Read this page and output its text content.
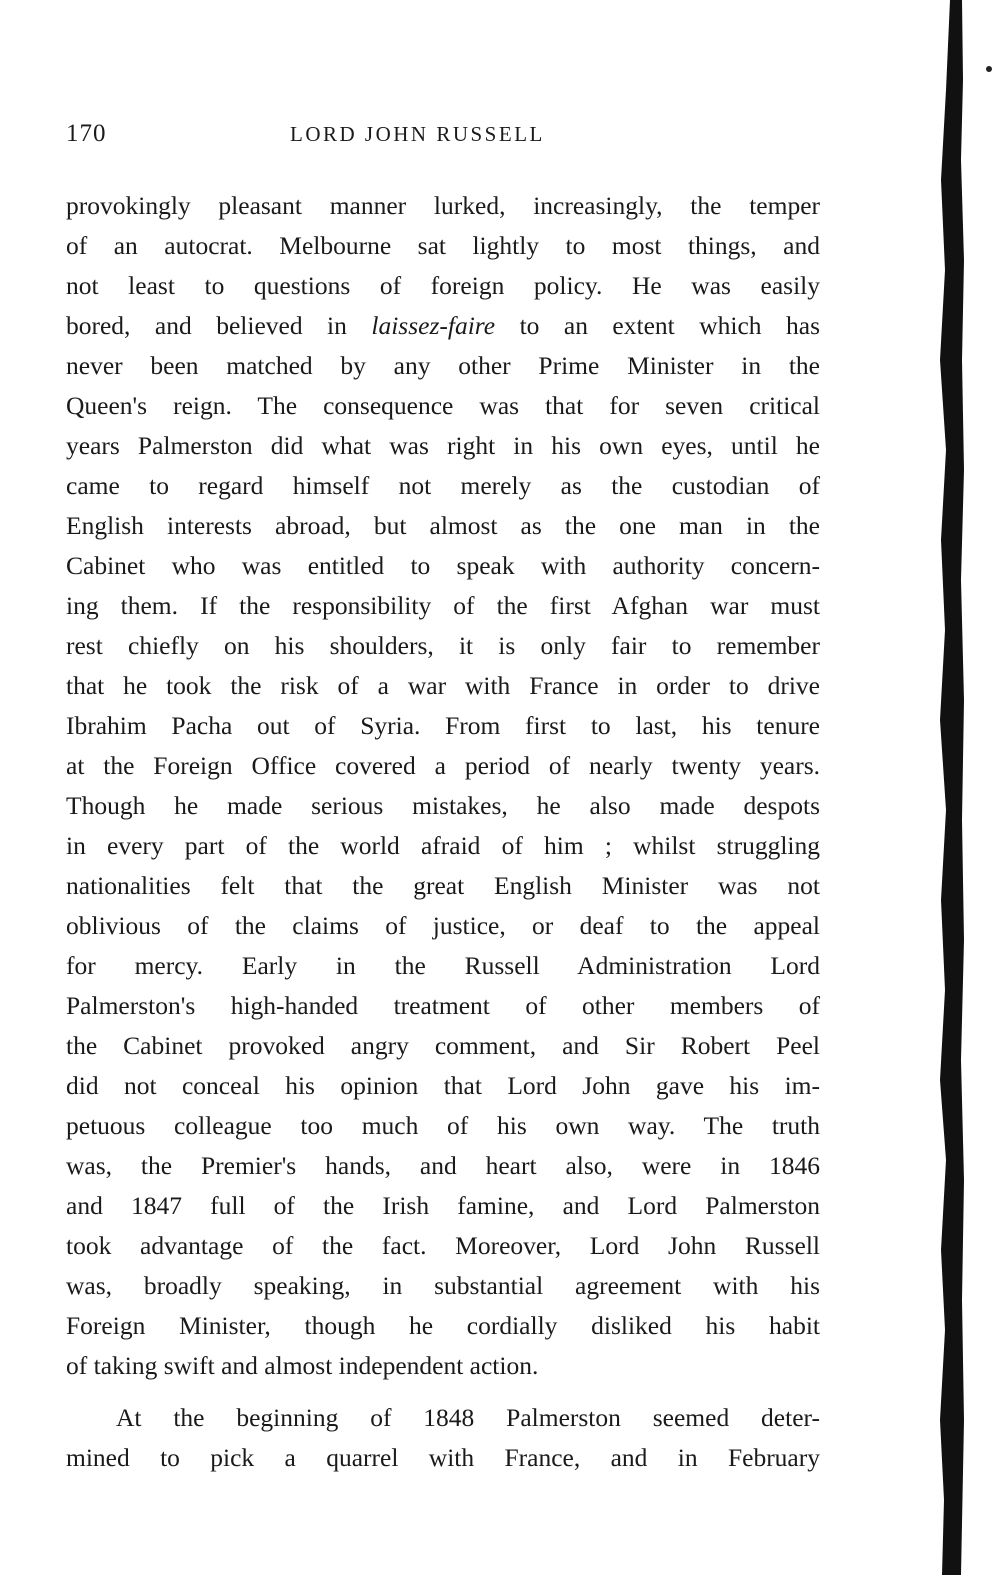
170	LORD JOHN RUSSELL
provokingly pleasant manner lurked, increasingly, the temper
of an autocrat. Melbourne sat lightly to most things, and
not least to questions of foreign policy. He was easily
bored, and believed in laissez-faire to an extent which has
never been matched by any other Prime Minister in the
Queen's reign. The consequence was that for seven critical
years Palmerston did what was right in his own eyes, until he
came to regard himself not merely as the custodian of
English interests abroad, but almost as the one man in the
Cabinet who was entitled to speak with authority concern-
ing them. If the responsibility of the first Afghan war must
rest chiefly on his shoulders, it is only fair to remember
that he took the risk of a war with France in order to drive
Ibrahim Pacha out of Syria. From first to last, his tenure
at the Foreign Office covered a period of nearly twenty years.
Though he made serious mistakes, he also made despots
in every part of the world afraid of him ; whilst struggling
nationalities felt that the great English Minister was not
oblivious of the claims of justice, or deaf to the appeal
for mercy. Early in the Russell Administration Lord
Palmerston's high-handed treatment of other members of
the Cabinet provoked angry comment, and Sir Robert Peel
did not conceal his opinion that Lord John gave his im-
petuous colleague too much of his own way. The truth
was, the Premier's hands, and heart also, were in 1846
and 1847 full of the Irish famine, and Lord Palmerston
took advantage of the fact. Moreover, Lord John Russell
was, broadly speaking, in substantial agreement with his
Foreign Minister, though he cordially disliked his habit
of taking swift and almost independent action.
At the beginning of 1848 Palmerston seemed deter-
mined to pick a quarrel with France, and in February
